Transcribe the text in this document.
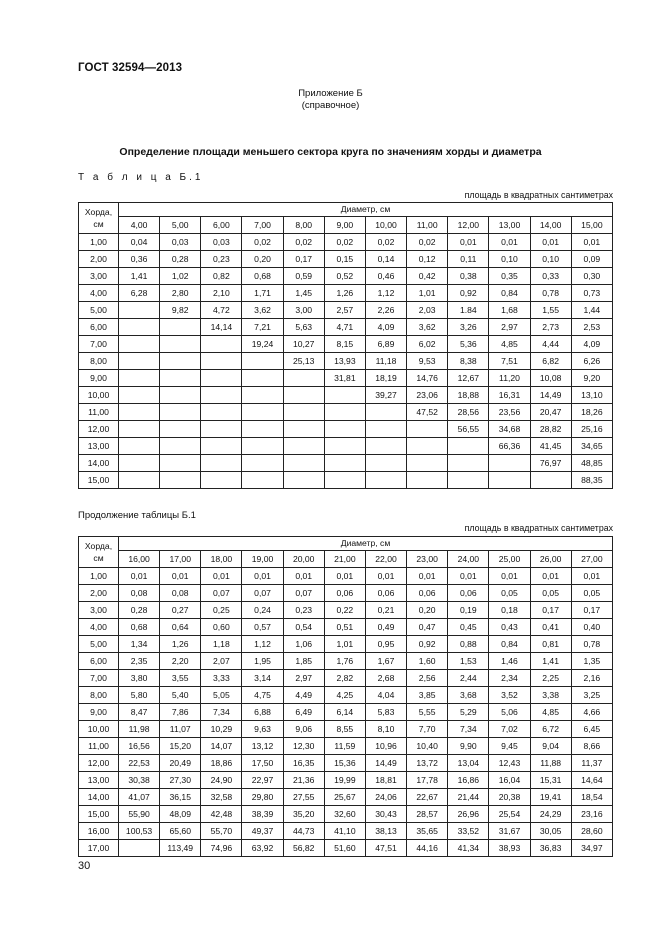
ГОСТ 32594—2013
Приложение Б
(справочное)
Определение площади меньшего сектора круга по значениям хорды и диаметра
Т а б л и ц а Б.1
площадь в квадратных сантиметрах
Хорда,
см	Диаметр, см											
	4,00	5,00	6,00	7,00	8,00	9,00	10,00	11,00	12,00	13,00	14,00	15,00
1,00	0,04	0,03	0,03	0,02	0,02	0,02	0,02	0,02	0,01	0,01	0,01	0,01
2,00	0,36	0,28	0,23	0,20	0,17	0,15	0,14	0,12	0,11	0,10	0,10	0,09
3,00	1,41	1,02	0,82	0,68	0,59	0,52	0,46	0,42	0,38	0,35	0,33	0,30
4,00	6,28	2,80	2,10	1,71	1,45	1,26	1,12	1,01	0,92	0,84	0,78	0,73
5,00		9,82	4,72	3,62	3,00	2,57	2,26	2,03	1.84	1,68	1,55	1,44
6,00			14,14	7,21	5,63	4,71	4,09	3,62	3,26	2,97	2,73	2,53
7,00				19,24	10,27	8,15	6,89	6,02	5,36	4,85	4,44	4,09
8,00					25,13	13,93	11,18	9,53	8,38	7,51	6,82	6,26
9,00						31,81	18,19	14,76	12,67	11,20	10,08	9,20
10,00							39,27	23,06	18,88	16,31	14,49	13,10
11,00								47,52	28,56	23,56	20,47	18,26
12,00									56,55	34,68	28,82	25,16
13,00										66,36	41,45	34,65
14,00											76,97	48,85
15,00												88,35
Продолжение таблицы Б.1
площадь в квадратных сантиметрах
Хорда,
см	Диаметр, см											
	16,00	17,00	18,00	19,00	20,00	21,00	22,00	23,00	24,00	25,00	26,00	27,00
1,00	0,01	0,01	0,01	0,01	0,01	0,01	0,01	0,01	0,01	0,01	0,01	0,01
2,00	0,08	0,08	0,07	0,07	0,07	0,06	0,06	0,06	0,06	0,05	0,05	0,05
3,00	0,28	0,27	0,25	0,24	0,23	0,22	0,21	0,20	0,19	0,18	0,17	0,17
4,00	0,68	0,64	0,60	0,57	0,54	0,51	0,49	0,47	0,45	0,43	0,41	0,40
5,00	1,34	1,26	1,18	1,12	1,06	1,01	0,95	0,92	0,88	0,84	0,81	0,78
6,00	2,35	2,20	2,07	1,95	1,85	1,76	1,67	1,60	1,53	1,46	1,41	1,35
7,00	3,80	3,55	3,33	3,14	2,97	2,82	2,68	2,56	2,44	2,34	2,25	2,16
8,00	5,80	5,40	5,05	4,75	4,49	4,25	4,04	3,85	3,68	3,52	3,38	3,25
9,00	8,47	7,86	7,34	6,88	6,49	6,14	5,83	5,55	5,29	5,06	4,85	4,66
10,00	11,98	11,07	10,29	9,63	9,06	8,55	8,10	7,70	7,34	7,02	6,72	6,45
11,00	16,56	15,20	14,07	13,12	12,30	11,59	10,96	10,40	9,90	9,45	9,04	8,66
12,00	22,53	20,49	18,86	17,50	16,35	15,36	14,49	13,72	13,04	12,43	11,88	11,37
13,00	30,38	27,30	24,90	22,97	21,36	19,99	18,81	17,78	16,86	16,04	15,31	14,64
14,00	41,07	36,15	32,58	29,80	27,55	25,67	24,06	22,67	21,44	20,38	19,41	18,54
15,00	55,90	48,09	42,48	38,39	35,20	32,60	30,43	28,57	26,96	25,54	24,29	23,16
16,00	100,53	65,60	55,70	49,37	44,73	41,10	38,13	35,65	33,52	31,67	30,05	28,60
17,00		113,49	74,96	63,92	56,82	51,60	47,51	44,16	41,34	38,93	36,83	34,97
30
